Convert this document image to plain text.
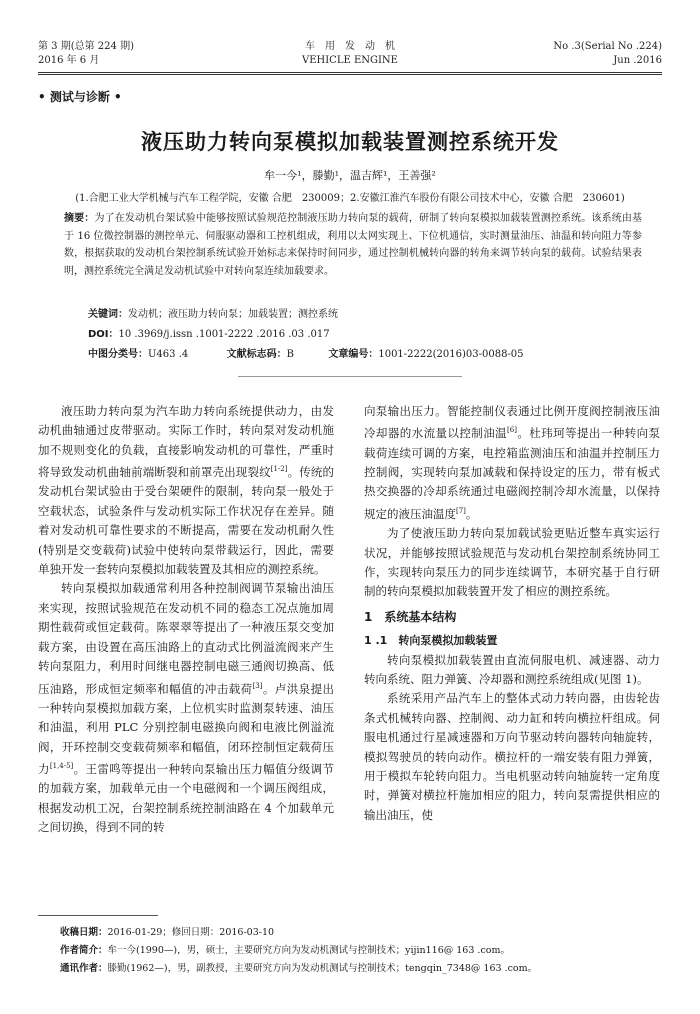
第 3 期(总第 224 期)
2016 年 6 月
车　用　发　动　机
VEHICLE ENGINE
No .3(Serial No .224)
Jun .2016
• 测试与诊断 •
液压助力转向泵模拟加载装置测控系统开发
牟一今¹，滕勤¹，温吉辉¹，王善强²
(1.合肥工业大学机械与汽车工程学院，安徽 合肥　230009；2.安徽江淮汽车股份有限公司技术中心，安徽 合肥　230601)
摘要：为了在发动机台架试验中能够按照试验规范控制液压助力转向泵的载荷，研制了转向泵模拟加载装置测控系统。该系统由基于 16 位微控制器的测控单元、伺服驱动器和工控机组成，利用以太网实现上、下位机通信，实时测量油压、油温和转向阻力等参数，根据获取的发动机台架控制系统试验开始标志来保持时间同步，通过控制机械转向器的转角来调节转向泵的载荷。试验结果表明，测控系统完全满足发动机试验中对转向泵连续加载要求。
关键词：发动机；液压助力转向泵；加载装置；测控系统
DOI：10 .3969/j.issn .1001-2222 .2016 .03 .017
中图分类号：U463 .4	文献标志码：B	文章编号：1001-2222(2016)03-0088-05

液压助力转向泵为汽车助力转向系统提供动力，由发动机曲轴通过皮带驱动。实际工作时，转向泵对发动机施加不规则变化的负载，直接影响发动机的可靠性，严重时将导致发动机曲轴前端断裂和前罩壳出现裂纹[1-2]。传统的发动机台架试验由于受台架硬件的限制，转向泵一般处于空载状态，试验条件与发动机实际工作状况存在差异。随着对发动机可靠性要求的不断提高，需要在发动机耐久性(特别是交变载荷)试验中使转向泵带载运行，因此，需要单独开发一套转向泵模拟加载装置及其相应的测控系统。

转向泵模拟加载通常利用各种控制阀调节泵输出油压来实现，按照试验规范在发动机不同的稳态工况点施加周期性载荷或恒定载荷。陈翠翠等提出了一种液压泵交变加载方案，由设置在高压油路上的直动式比例溢流阀来产生转向泵阻力，利用时间继电器控制电磁三通阀切换高、低压油路，形成恒定频率和幅值的冲击载荷[3]。卢洪泉提出一种转向泵模拟加载方案，上位机实时监测泵转速、油压和油温，利用 PLC 分别控制电磁换向阀和电液比例溢流阀，开环控制交变载荷频率和幅值，闭环控制恒定载荷压力[1,4-5]。王雷鸣等提出一种转向泵输出压力幅值分级调节的加载方案，加载单元由一个电磁阀和一个调压阀组成，根据发动机工况，台架控制系统控制油路在 4 个加载单元之间切换，得到不同的转

向泵输出压力。智能控制仪表通过比例开度阀控制液压油冷却器的水流量以控制油温[6]。杜玮珂等提出一种转向泵载荷连续可调的方案，电控箱监测油压和油温并控制压力控制阀，实现转向泵加减载和保持设定的压力，带有板式热交换器的冷却系统通过电磁阀控制冷却水流量，以保持规定的液压油温度[7]。

为了使液压助力转向泵加载试验更贴近整车真实运行状况，并能够按照试验规范与发动机台架控制系统协同工作，实现转向泵压力的同步连续调节，本研究基于自行研制的转向泵模拟加载装置开发了相应的测控系统。

1　系统基本结构
1 .1　转向泵模拟加载装置

转向泵模拟加载装置由直流伺服电机、减速器、动力转向系统、阻力弹簧、冷却器和测控系统组成(见图 1)。

系统采用产品汽车上的整体式动力转向器，由齿轮齿条式机械转向器、控制阀、动力缸和转向横拉杆组成。伺服电机通过行星减速器和万向节驱动转向器转向轴旋转，模拟驾驶员的转向动作。横拉杆的一端安装有阻力弹簧，用于模拟车轮转向阻力。当电机驱动转向轴旋转一定角度时，弹簧对横拉杆施加相应的阻力，转向泵需提供相应的输出油压，使

收稿日期：2016-01-29；修回日期：2016-03-10
作者简介：牟一今(1990—)，男，硕士，主要研究方向为发动机测试与控制技术；yijin116@ 163 .com。
通讯作者：滕勤(1962—)，男，副教授，主要研究方向为发动机测试与控制技术；tengqin_7348@ 163 .com。
